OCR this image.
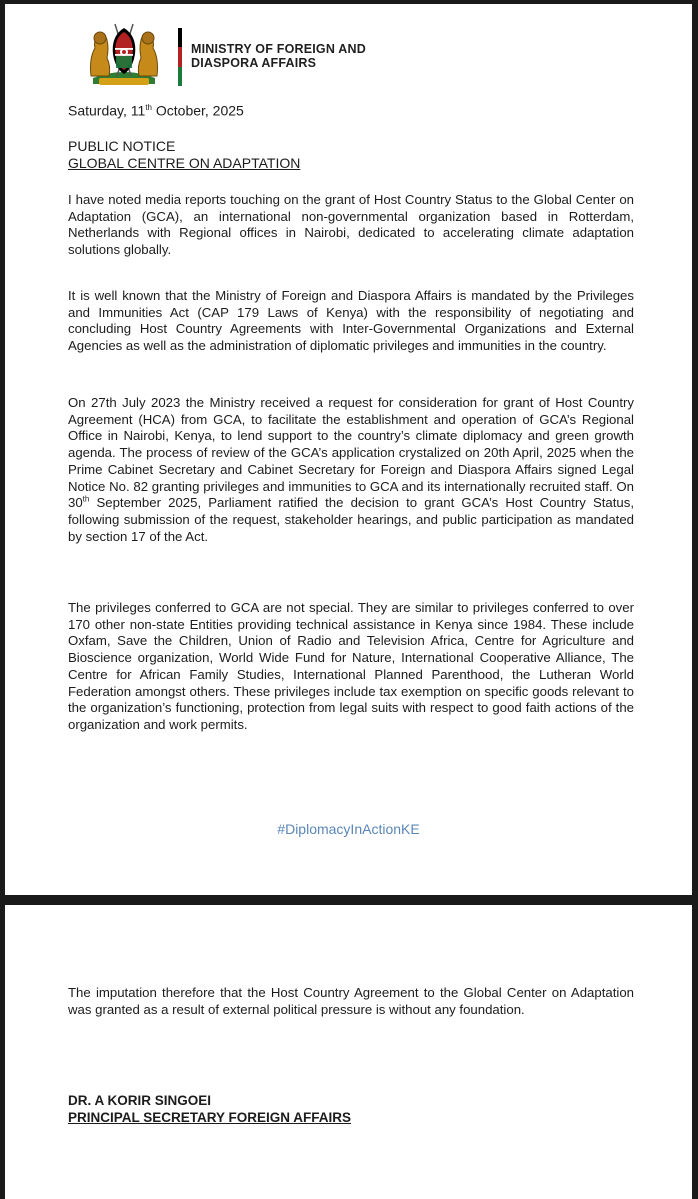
MINISTRY OF FOREIGN AND
DIASPORA AFFAIRS
Saturday, 11th October, 2025
PUBLIC NOTICE
GLOBAL CENTRE ON ADAPTATION
I have noted media reports touching on the grant of Host Country Status to the Global Center on Adaptation (GCA), an international non-governmental organization based in Rotterdam, Netherlands with Regional offices in Nairobi, dedicated to accelerating climate adaptation solutions globally.
It is well known that the Ministry of Foreign and Diaspora Affairs is mandated by the Privileges and Immunities Act (CAP 179 Laws of Kenya) with the responsibility of negotiating and concluding Host Country Agreements with Inter-Governmental Organizations and External Agencies as well as the administration of diplomatic privileges and immunities in the country.
On 27th July 2023 the Ministry received a request for consideration for grant of Host Country Agreement (HCA) from GCA, to facilitate the establishment and operation of GCA’s Regional Office in Nairobi, Kenya, to lend support to the country’s climate diplomacy and green growth agenda. The process of review of the GCA’s application crystalized on 20th April, 2025 when the Prime Cabinet Secretary and Cabinet Secretary for Foreign and Diaspora Affairs signed Legal Notice No. 82 granting privileges and immunities to GCA and its internationally recruited staff. On 30th September 2025, Parliament ratified the decision to grant GCA’s Host Country Status, following submission of the request, stakeholder hearings, and public participation as mandated by section 17 of the Act.
The privileges conferred to GCA are not special. They are similar to privileges conferred to over 170 other non-state Entities providing technical assistance in Kenya since 1984. These include Oxfam, Save the Children, Union of Radio and Television Africa, Centre for Agriculture and Bioscience organization, World Wide Fund for Nature, International Cooperative Alliance, The Centre for African Family Studies, International Planned Parenthood, the Lutheran World Federation amongst others. These privileges include tax exemption on specific goods relevant to the organization’s functioning, protection from legal suits with respect to good faith actions of the organization and work permits.
#DiplomacyInActionKE
The imputation therefore that the Host Country Agreement to the Global Center on Adaptation was granted as a result of external political pressure is without any foundation.
DR. A KORIR SINGOEI
PRINCIPAL SECRETARY FOREIGN AFFAIRS
